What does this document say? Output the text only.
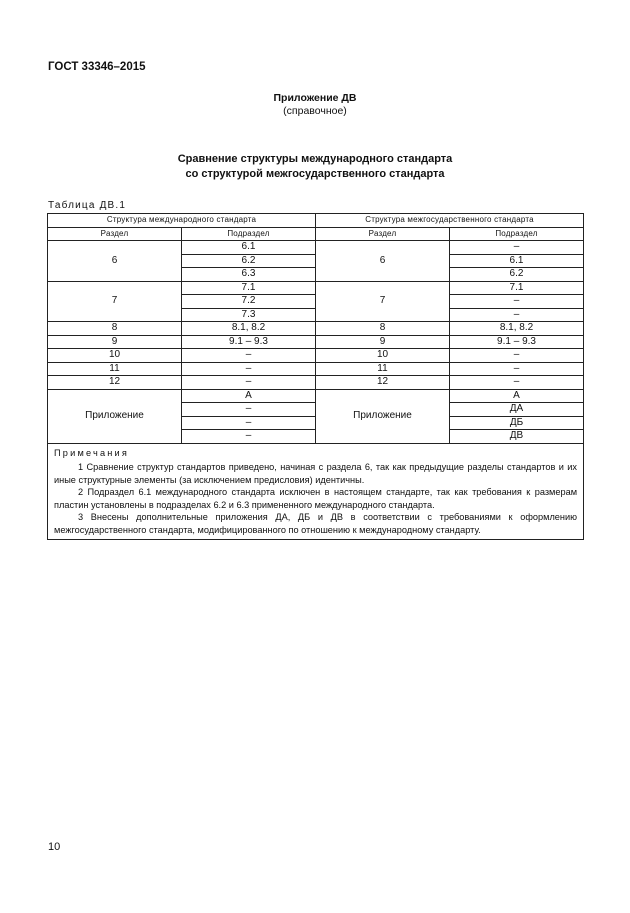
ГОСТ 33346–2015
Приложение ДВ
(справочное)
Сравнение структуры международного стандарта
со структурой межгосударственного стандарта
Таблица ДВ.1
Структура международного стандарта		Структура межгосударственного стандарта	
Раздел	Подраздел	Раздел	Подраздел
6	6.1	6	–
	6.2		6.1
	6.3		6.2
7	7.1	7	7.1
	7.2		–
	7.3		–
8	8.1, 8.2	8	8.1, 8.2
9	9.1 – 9.3	9	9.1 – 9.3
10	–	10	–
11	–	11	–
12	–	12	–
Приложение	А	Приложение	А
	–		ДА
	–		ДБ
	–		ДВ

Примечания

1 Сравнение структур стандартов приведено, начиная с раздела 6, так как предыдущие разделы стандартов и их иные структурные элементы (за исключением предисловия) идентичны.

2 Подраздел 6.1 международного стандарта исключен в настоящем стандарте, так как требования к размерам пластин установлены в подразделах 6.2 и 6.3 примененного международного стандарта.

3 Внесены дополнительные приложения ДА, ДБ и ДВ в соответствии с требованиями к оформлению межгосударственного стандарта, модифицированного по отношению к международному стандарту.			

10
